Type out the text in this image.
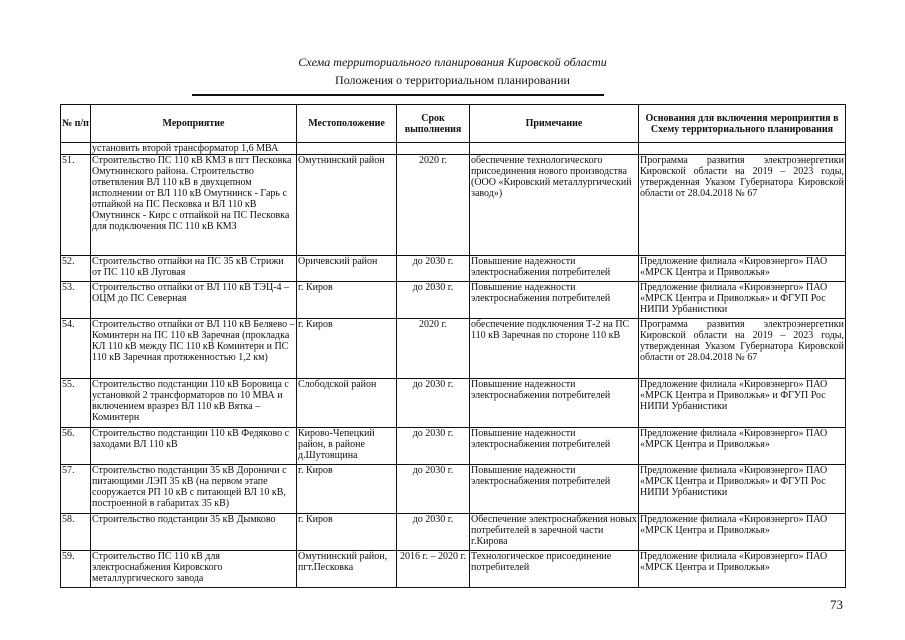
Схема территориального планирования Кировской области
Положения о территориальном планировании
№ п/п	Мероприятие	Местоположение	Срок выполнения	Примечание	Основания для включения мероприятия в Схему территориального планирования
	установить второй трансформатор 1,6 МВА				
51.	Строительство ПС 110 кВ КМЗ в пгт Песковка Омутнинского района. Строительство ответвления ВЛ 110 кВ в двухцепном исполнении от ВЛ 110 кВ Омутнинск - Гарь с отпайкой на ПС Песковка и ВЛ 110 кВ Омутнинск - Кирс с отпайкой на ПС Песковка для подключения ПС 110 кВ КМЗ	Омутнинский район	2020 г.	обеспечение технологического присоединения нового производства (ООО «Кировский металлургический завод»)	Программа развития электроэнергетики Кировской области на 2019 – 2023 годы, утвержденная Указом Губернатора Кировской области от 28.04.2018 № 67
52.	Строительство отпайки на ПС 35 кВ Стрижи от ПС 110 кВ Луговая	Оричевский район	до 2030 г.	Повышение надежности электроснабжения потребителей	Предложение филиала «Кировэнерго» ПАО «МРСК Центра и Приволжья»
53.	Строительство отпайки от ВЛ 110 кВ ТЭЦ-4 – ОЦМ до ПС Северная	г. Киров	до 2030 г.	Повышение надежности электроснабжения потребителей	Предложение филиала «Кировэнерго» ПАО «МРСК Центра и Приволжья» и ФГУП Рос НИПИ Урбанистики
54.	Строительство отпайки от ВЛ 110 кВ Беляево – Коминтерн на ПС 110 кВ Заречная (прокладка КЛ 110 кВ между ПС 110 кВ Коминтерн и ПС 110 кВ Заречная протяженностью 1,2 км)	г. Киров	2020 г.	обеспечение подключения Т-2 на ПС 110 кВ Заречная по стороне 110 кВ	Программа развития электроэнергетики Кировской области на 2019 – 2023 годы, утвержденная Указом Губернатора Кировской области от 28.04.2018 № 67
55.	Строительство подстанции 110 кВ Боровица с установкой 2 трансформаторов по 10 МВА и включением вразрез ВЛ 110 кВ Вятка – Коминтерн	Слободской район	до 2030 г.	Повышение надежности электроснабжения потребителей	Предложение филиала «Кировэнерго» ПАО «МРСК Центра и Приволжья» и ФГУП Рос НИПИ Урбанистики
56.	Строительство подстанции 110 кВ Федяково с заходами ВЛ 110 кВ	Кирово-Чепецкий район, в районе д.Шутовщина	до 2030 г.	Повышение надежности электроснабжения потребителей	Предложение филиала «Кировэнерго» ПАО «МРСК Центра и Приволжья»
57.	Строительство подстанции 35 кВ Дороничи с питающими ЛЭП 35 кВ (на первом этапе сооружается РП 10 кВ с питающей ВЛ 10 кВ, построенной в габаритах 35 кВ)	г. Киров	до 2030 г.	Повышение надежности электроснабжения потребителей	Предложение филиала «Кировэнерго» ПАО «МРСК Центра и Приволжья» и ФГУП Рос НИПИ Урбанистики
58.	Строительство подстанции 35 кВ Дымково	г. Киров	до 2030 г.	Обеспечение электроснабжения новых потребителей в заречной части г.Кирова	Предложение филиала «Кировэнерго» ПАО «МРСК Центра и Приволжья»
59.	Строительство ПС 110 кВ для электроснабжения Кировского металлургического завода	Омутнинский район, пгт.Песковка	2016 г. – 2020 г.	Технологическое присоединение потребителей	Предложение филиала «Кировэнерго» ПАО «МРСК Центра и Приволжья»
73
